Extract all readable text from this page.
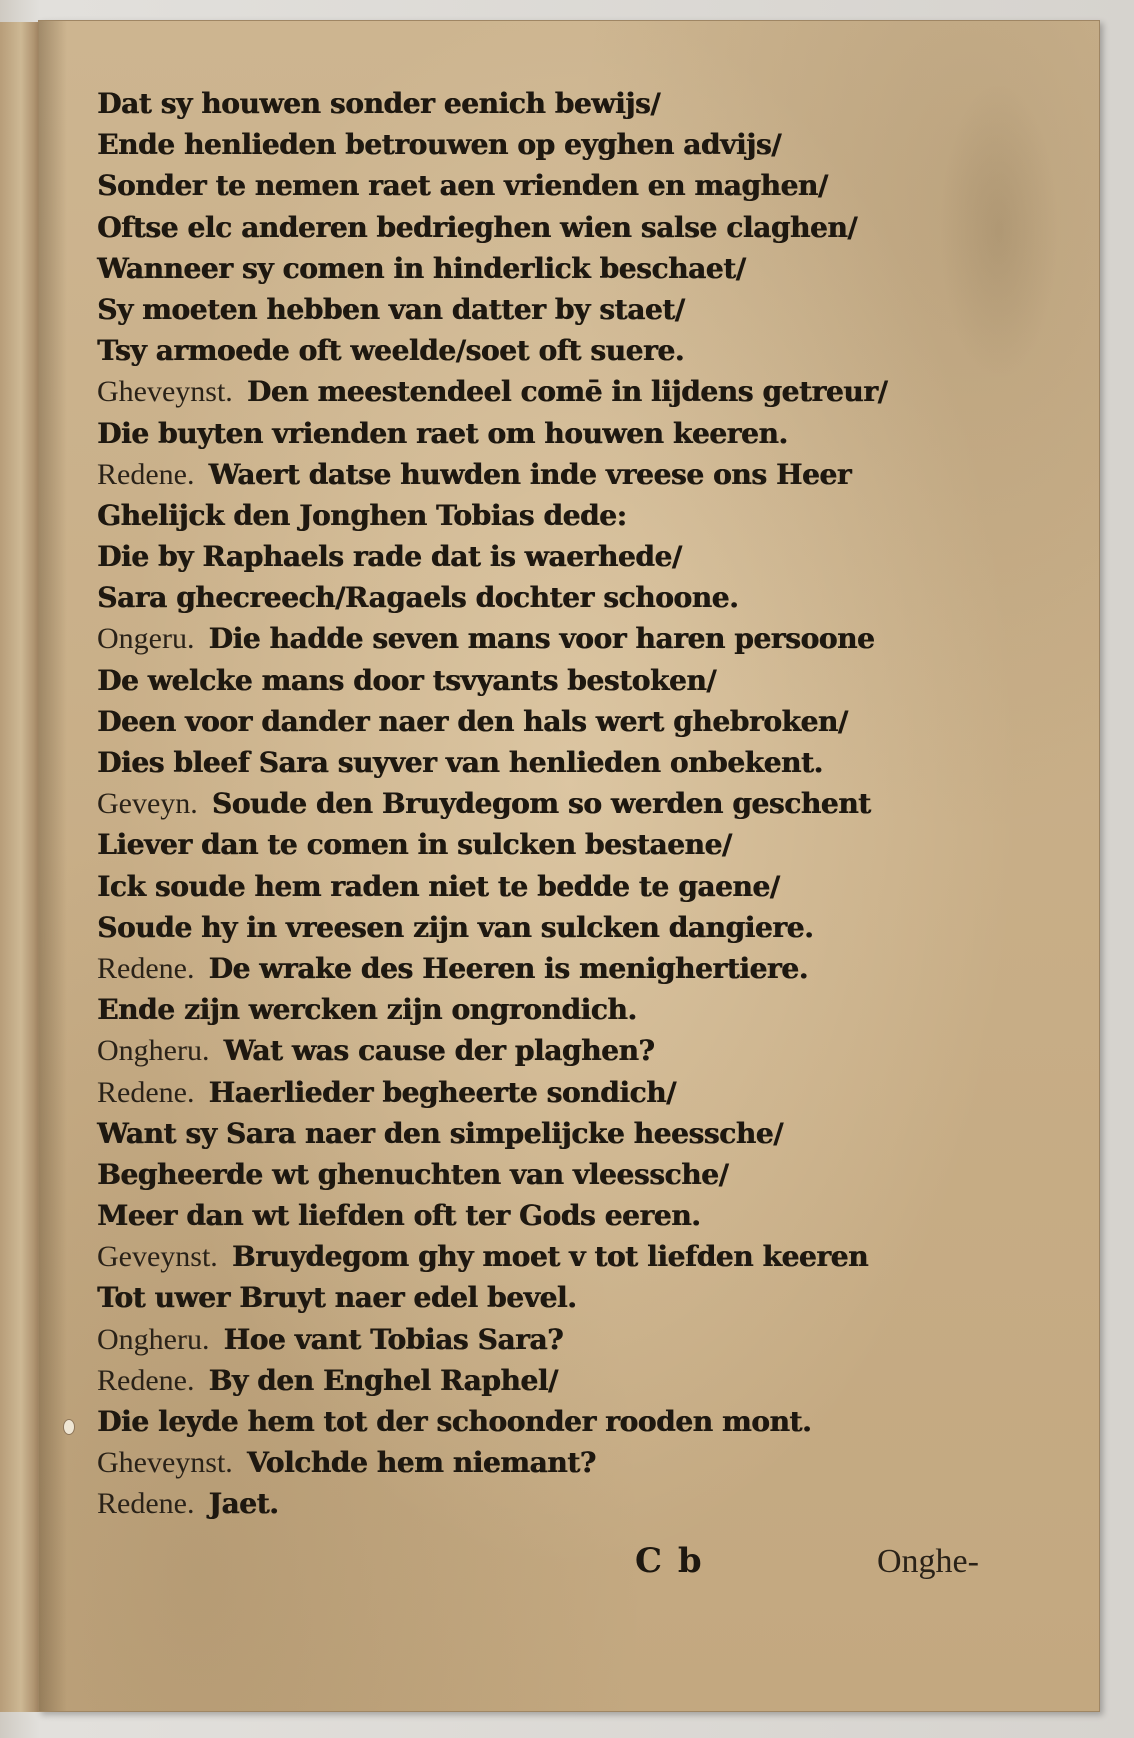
Dat sy houwen sonder eenich bewijs/
Ende henlieden betrouwen op eyghen advijs/
Sonder te nemen raet aen vrienden en maghen/
Oftse elc anderen bedrieghen wien salse claghen/
Wanneer sy comen in hinderlick beschaet/
Sy moeten hebben van datter by staet/
Tsy armoede oft weelde/soet oft suere.
Gheveynst. Den meestendeel comē in lijdens getreur/
Die buyten vrienden raet om houwen keeren.
Redene. Waert datse huwden inde vreese ons Heer
Ghelijck den Jonghen Tobias dede:
Die by Raphaels rade dat is waerhede/
Sara ghecreech/Ragaels dochter schoone.
Ongeru. Die hadde seven mans voor haren persoone
De welcke mans door tsvyants bestoken/
Deen voor dander naer den hals wert ghebroken/
Dies bleef Sara suyver van henlieden onbekent.
Geveyn. Soude den Bruydegom so werden geschent
Liever dan te comen in sulcken bestaene/
Ick soude hem raden niet te bedde te gaene/
Soude hy in vreesen zijn van sulcken dangiere.
Redene. De wrake des Heeren is menighertiere.
Ende zijn wercken zijn ongrondich.
Ongheru. Wat was cause der plaghen?
Redene. Haerlieder begheerte sondich/
Want sy Sara naer den simpelijcke heessche/
Begheerde wt ghenuchten van vleessche/
Meer dan wt liefden oft ter Gods eeren.
Geveynst. Bruydegom ghy moet v tot liefden keeren
Tot uwer Bruyt naer edel bevel.
Ongheru. Hoe vant Tobias Sara?
Redene. By den Enghel Raphel/
Die leyde hem tot der schoonder rooden mont.
Gheveynst. Volchde hem niemant?
Redene. Jaet.
C b	Onghe-
